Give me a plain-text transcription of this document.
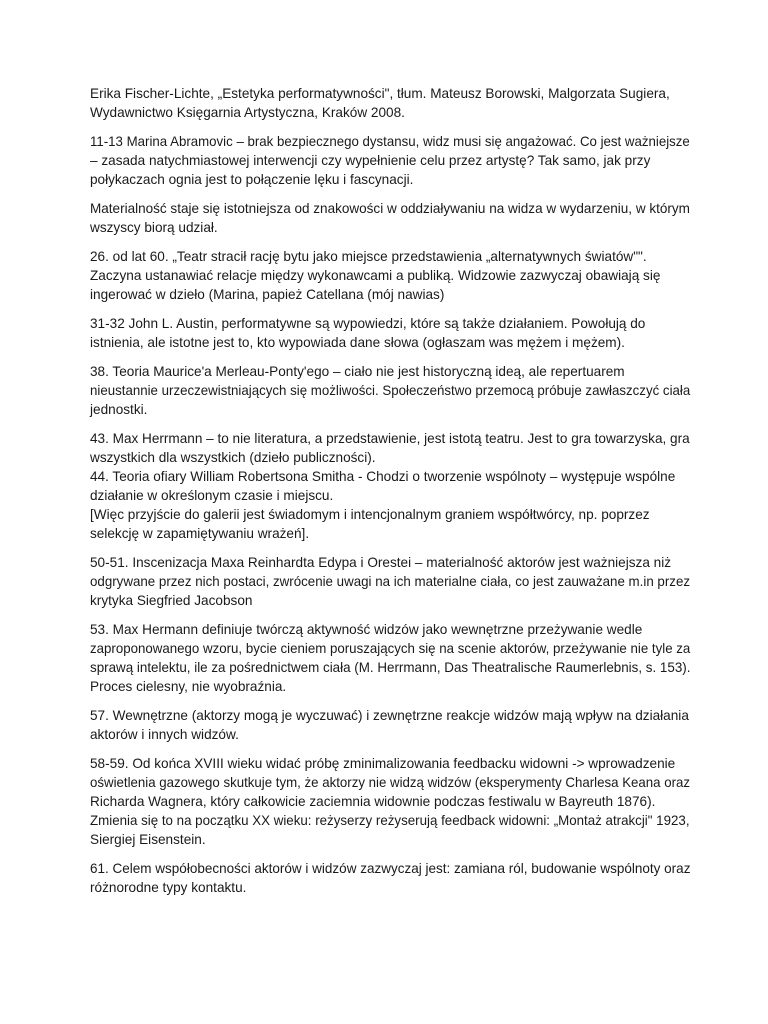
Erika Fischer-Lichte, „Estetyka performatywności", tłum. Mateusz Borowski, Malgorzata Sugiera,
Wydawnictwo Księgarnia Artystyczna, Kraków 2008.
11-13 Marina Abramovic – brak bezpiecznego dystansu, widz musi się angażować. Co jest ważniejsze
– zasada natychmiastowej interwencji czy wypełnienie celu przez artystę? Tak samo, jak przy
połykaczach ognia jest to połączenie lęku i fascynacji.
Materialność staje się istotniejsza od znakowości w oddziaływaniu na widza w wydarzeniu, w którym
wszyscy biorą udział.
26. od lat 60. „Teatr stracił rację bytu jako miejsce przedstawienia „alternatywnych światów"".
Zaczyna ustanawiać relacje między wykonawcami a publiką. Widzowie zazwyczaj obawiają się
ingerować w dzieło (Marina, papież Catellana (mój nawias)
31-32 John L. Austin, performatywne są wypowiedzi, które są także działaniem. Powołują do
istnienia, ale istotne jest to, kto wypowiada dane słowa (ogłaszam was mężem i mężem).
38. Teoria Maurice'a Merleau-Ponty'ego – ciało nie jest historyczną ideą, ale repertuarem
nieustannie urzeczewistniających się możliwości. Społeczeństwo przemocą próbuje zawłaszczyć ciała
jednostki.
43. Max Herrmann – to nie literatura, a przedstawienie, jest istotą teatru. Jest to gra towarzyska, gra
wszystkich dla wszystkich (dzieło publiczności).
44. Teoria ofiary William Robertsona Smitha - Chodzi o tworzenie wspólnoty – występuje wspólne
działanie w określonym czasie i miejscu.
[Więc przyjście do galerii jest świadomym i intencjonalnym graniem współtwórcy, np. poprzez
selekcję w zapamiętywaniu wrażeń].
50-51. Inscenizacja Maxa Reinhardta Edypa i Orestei – materialność aktorów jest ważniejsza niż
odgrywane przez nich postaci, zwrócenie uwagi na ich materialne ciała, co jest zauważane m.in przez
krytyka Siegfried Jacobson
53. Max Hermann definiuje twórczą aktywność widzów jako wewnętrzne przeżywanie wedle
zaproponowanego wzoru, bycie cieniem poruszających się na scenie aktorów, przeżywanie nie tyle za
sprawą intelektu, ile za pośrednictwem ciała (M. Herrmann, Das Theatralische Raumerlebnis, s. 153).
Proces cielesny, nie wyobraźnia.
57. Wewnętrzne (aktorzy mogą je wyczuwać) i zewnętrzne reakcje widzów mają wpływ na działania
aktorów i innych widzów.
58-59. Od końca XVIII wieku widać próbę zminimalizowania feedbacku widowni -> wprowadzenie
oświetlenia gazowego skutkuje tym, że aktorzy nie widzą widzów (eksperymenty Charlesa Keana oraz
Richarda Wagnera, który całkowicie zaciemnia widownie podczas festiwalu w Bayreuth 1876).
Zmienia się to na początku XX wieku: reżyserzy reżyserują feedback widowni: „Montaż atrakcji" 1923,
Siergiej Eisenstein.
61. Celem współobecności aktorów i widzów zazwyczaj jest: zamiana ról, budowanie wspólnoty oraz
różnorodne typy kontaktu.
